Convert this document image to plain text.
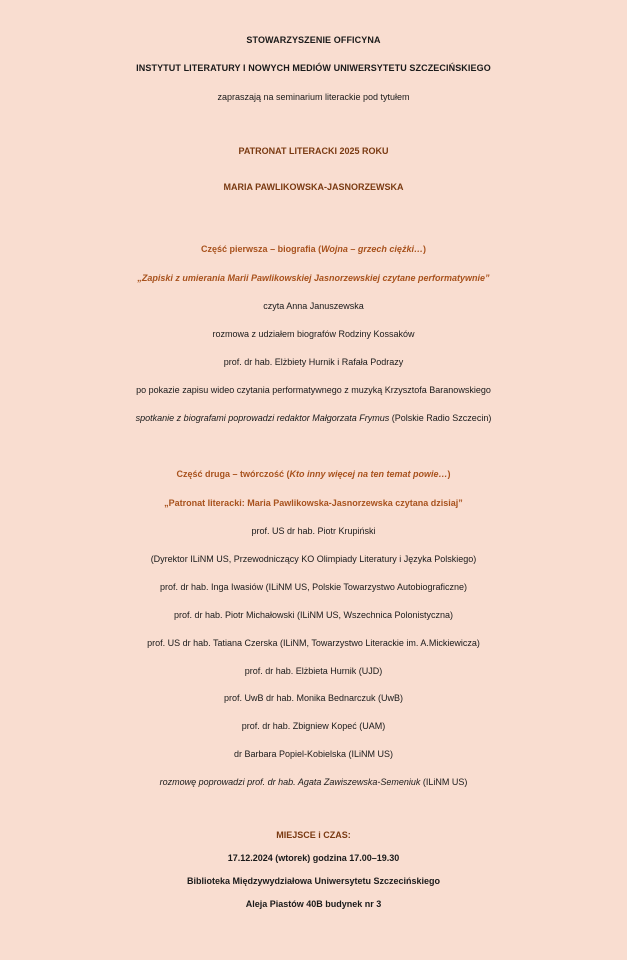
STOWARZYSZENIE OFFICYNA
INSTYTUT LITERATURY I NOWYCH MEDIÓW UNIWERSYTETU SZCZECIŃSKIEGO
zapraszają na seminarium literackie pod tytułem
PATRONAT LITERACKI 2025 ROKU
MARIA PAWLIKOWSKA-JASNORZEWSKA
Część pierwsza – biografia (Wojna – grzech ciężki…)
„Zapiski z umierania Marii Pawlikowskiej Jasnorzewskiej czytane performatywnie”
czyta Anna Januszewska
rozmowa z udziałem biografów Rodziny Kossaków
prof. dr hab. Elżbiety Hurnik i Rafała Podrazy
po pokazie zapisu wideo czytania performatywnego z muzyką Krzysztofa Baranowskiego
spotkanie z biografami poprowadzi redaktor Małgorzata Frymus (Polskie Radio Szczecin)
Część druga – twórczość (Kto inny więcej na ten temat powie…)
„Patronat literacki: Maria Pawlikowska-Jasnorzewska czytana dzisiaj”
prof. US dr hab. Piotr Krupiński
(Dyrektor ILiNM US, Przewodniczący KO Olimpiady Literatury i Języka Polskiego)
prof. dr hab. Inga Iwasiów (ILiNM US, Polskie Towarzystwo Autobiograficzne)
prof. dr hab. Piotr Michałowski (ILiNM US, Wszechnica Polonistyczna)
prof. US dr hab. Tatiana Czerska (ILiNM, Towarzystwo Literackie im. A.Mickiewicza)
prof. dr hab. Elżbieta Hurnik (UJD)
prof. UwB dr hab. Monika Bednarczuk (UwB)
prof. dr hab. Zbigniew Kopeć (UAM)
dr Barbara Popiel-Kobielska (ILiNM US)
rozmowę poprowadzi prof. dr hab. Agata Zawiszewska-Semeniuk (ILiNM US)
MIEJSCE i CZAS:
17.12.2024 (wtorek) godzina 17.00–19.30
Biblioteka Międzywydziałowa Uniwersytetu Szczecińskiego
Aleja Piastów 40B budynek nr 3
